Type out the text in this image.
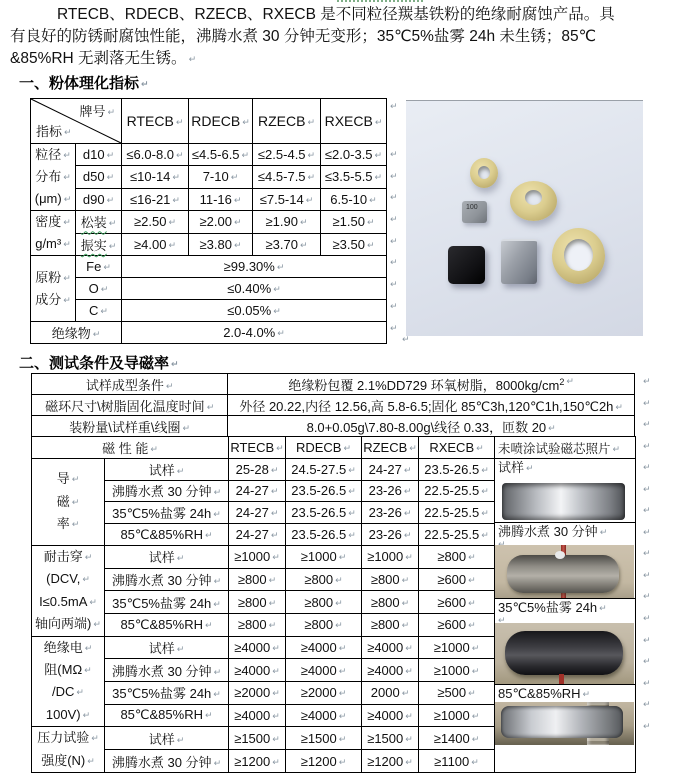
RTECB、RDECB、RZECB、RXECB 是不同粒径羰基铁粉的绝缘耐腐蚀产品。具
有良好的防锈耐腐蚀性能，沸腾水煮 30 分钟无变形；35℃5%盐雾 24h 未生锈；85℃
&85%RH 无剥落无生锈。 ↵
一、粉体理化指标 ↵
牌号 ↵
指标 ↵		RTECB ↵	RDECB ↵	RZECB ↵	RXECB ↵

粒径 ↵
分布 ↵
(μm) ↵	d10 ↵	≤6.0-8.0 ↵	≤4.5-6.5 ↵	≤2.5-4.5 ↵	≤2.0-3.5 ↵
	d50 ↵	≤10-14 ↵	7-10 ↵	≤4.5-7.5 ↵	≤3.5-5.5 ↵
	d90 ↵	≤16-21 ↵	11-16 ↵	≤7.5-14 ↵	6.5-10 ↵

密度 ↵
g/m³ ↵	松装 ↵	≥2.50 ↵	≥2.00 ↵	≥1.90 ↵	≥1.50 ↵
	振实 ↵	≥4.00 ↵	≥3.80 ↵	≥3.70 ↵	≥3.50 ↵

原粉 ↵
成分 ↵	Fe ↵	≥99.30% ↵
	O ↵	≤0.40% ↵
	C ↵	≤0.05% ↵
绝缘物 ↵		2.0-4.0% ↵
↵
↵
↵
↵
↵
↵
↵
↵
↵
↵
100
↵
二、测试条件及导磁率 ↵
试样成型条件 ↵	绝缘粉包覆 2.1%DD729 环氧树脂，$8000kg/cm^2$ ↵
磁环尺寸\树脂固化温度时间 ↵	外径 20.22,内径 12.56,高 5.8-6.5;固化 85℃3h,120℃1h,150℃2h ↵
装粉量\试样重\线圈 ↵	8.0+0.05g\7.80-8.00g\线径 0.33，匝数 20 ↵
磁 性 能 ↵		RTECB ↵	RDECB ↵	RZECB ↵	RXECB ↵

导 ↵
磁 ↵
率 ↵	试样 ↵	25-28 ↵	24.5-27.5 ↵	24-27 ↵	23.5-26.5 ↵
	沸腾水煮 30 分钟 ↵	24-27 ↵	23.5-26.5 ↵	23-26 ↵	22.5-25.5 ↵
	35℃5%盐雾 24h ↵	24-27 ↵	23.5-26.5 ↵	23-26 ↵	22.5-25.5 ↵
	85℃&85%RH ↵	24-27 ↵	23.5-26.5 ↵	23-26 ↵	22.5-25.5 ↵

耐击穿 ↵
(DCV, ↵
I≤0.5mA ↵
轴向两端) ↵	试样 ↵	≥1000 ↵	≥1000 ↵	≥1000 ↵	≥800 ↵
	沸腾水煮 30 分钟 ↵	≥800 ↵	≥800 ↵	≥800 ↵	≥600 ↵
	35℃5%盐雾 24h ↵	≥800 ↵	≥800 ↵	≥800 ↵	≥600 ↵
	85℃&85%RH ↵	≥800 ↵	≥800 ↵	≥800 ↵	≥600 ↵

绝缘电 ↵
阻(MΩ ↵
/DC ↵
100V) ↵	试样 ↵	≥4000 ↵	≥4000 ↵	≥4000 ↵	≥1000 ↵
	沸腾水煮 30 分钟 ↵	≥4000 ↵	≥4000 ↵	≥4000 ↵	≥1000 ↵
	35℃5%盐雾 24h ↵	≥2000 ↵	≥2000 ↵	2000 ↵	≥500 ↵
	85℃&85%RH ↵	≥4000 ↵	≥4000 ↵	≥4000 ↵	≥1000 ↵

压力试验 ↵
强度(N) ↵	试样 ↵	≥1500 ↵	≥1500 ↵	≥1500 ↵	≥1400 ↵
	沸腾水煮 30 分钟 ↵	≥1200 ↵	≥1200 ↵	≥1200 ↵	≥1100 ↵
未喷涂试验磁芯照片 ↵
试样 ↵
沸腾水煮 30 分钟 ↵
↵
35℃5%盐雾 24h ↵
↵
85℃&85%RH ↵
↵
↵
↵
↵
↵
↵
↵
↵
↵
↵
↵
↵
↵
↵
↵
↵
↵
